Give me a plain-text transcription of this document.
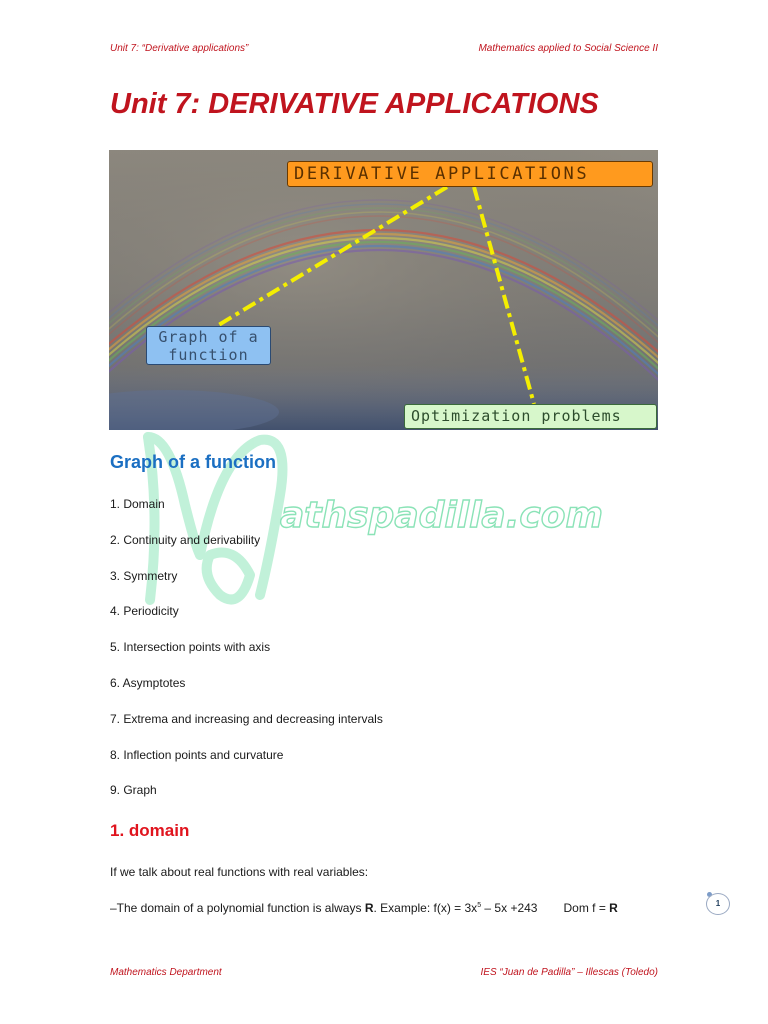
Unit 7: “Derivative applications”	Mathematics applied to Social Science II
Unit 7: DERIVATIVE APPLICATIONS
DERIVATIVE APPLICATIONS
Graph of a function
Optimization problems
athspadilla.com
Graph of a function
1. Domain
2. Continuity and derivability
3. Symmetry
4. Periodicity
5. Intersection points with axis
6. Asymptotes
7. Extrema and increasing and decreasing intervals
8. Inflection points and curvature
9. Graph
1. domain
If we talk about real functions with real variables:
–The domain of a polynomial function is always R. Example: $f(x) = 3x^5 - 5x +243$ Dom f = R	1
Mathematics Department	IES “Juan de Padilla” – Illescas (Toledo)
